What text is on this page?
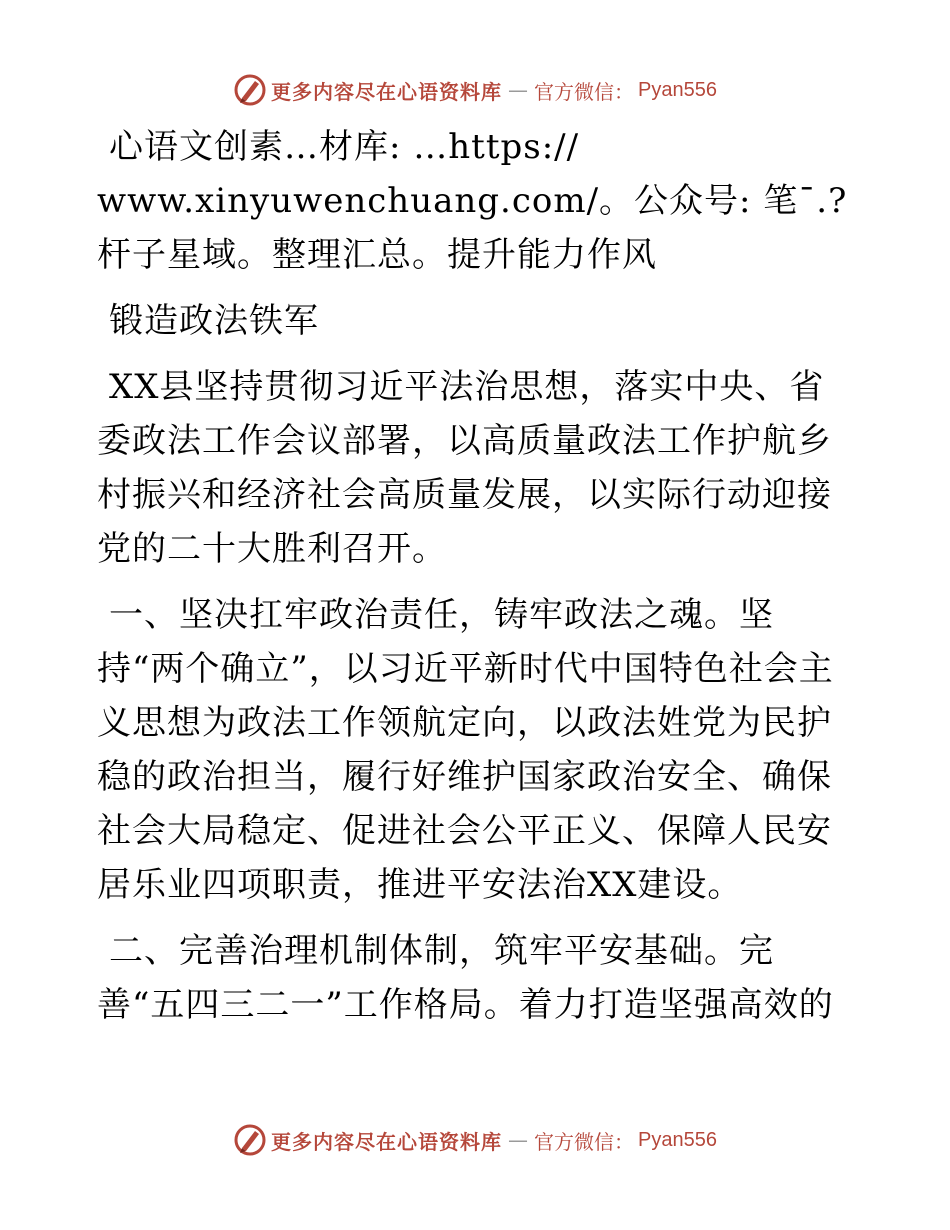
更多内容尽在心语资料库 — 官方微信： Pyan556

心语文创素…材库: …https:// www.xinyuwenchuang.com/。公众号: 笔¯.?杆子星域。整理汇总。提升能力作风

锻造政法铁军

XX县坚持贯彻习近平法治思想，落实中央、省委政法工作会议部署，以高质量政法工作护航乡村振兴和经济社会高质量发展，以实际行动迎接党的二十大胜利召开。

一、坚决扛牢政治责任，铸牢政法之魂。坚持“两个确立”，以习近平新时代中国特色社会主义思想为政法工作领航定向，以政法姓党为民护稳的政治担当，履行好维护国家政治安全、确保社会大局稳定、促进社会公平正义、保障人民安居乐业四项职责，推进平安法治XX建设。

二、完善治理机制体制，筑牢平安基础。完善“五四三二一”工作格局。着力打造坚强高效的

更多内容尽在心语资料库 — 官方微信： Pyan556
